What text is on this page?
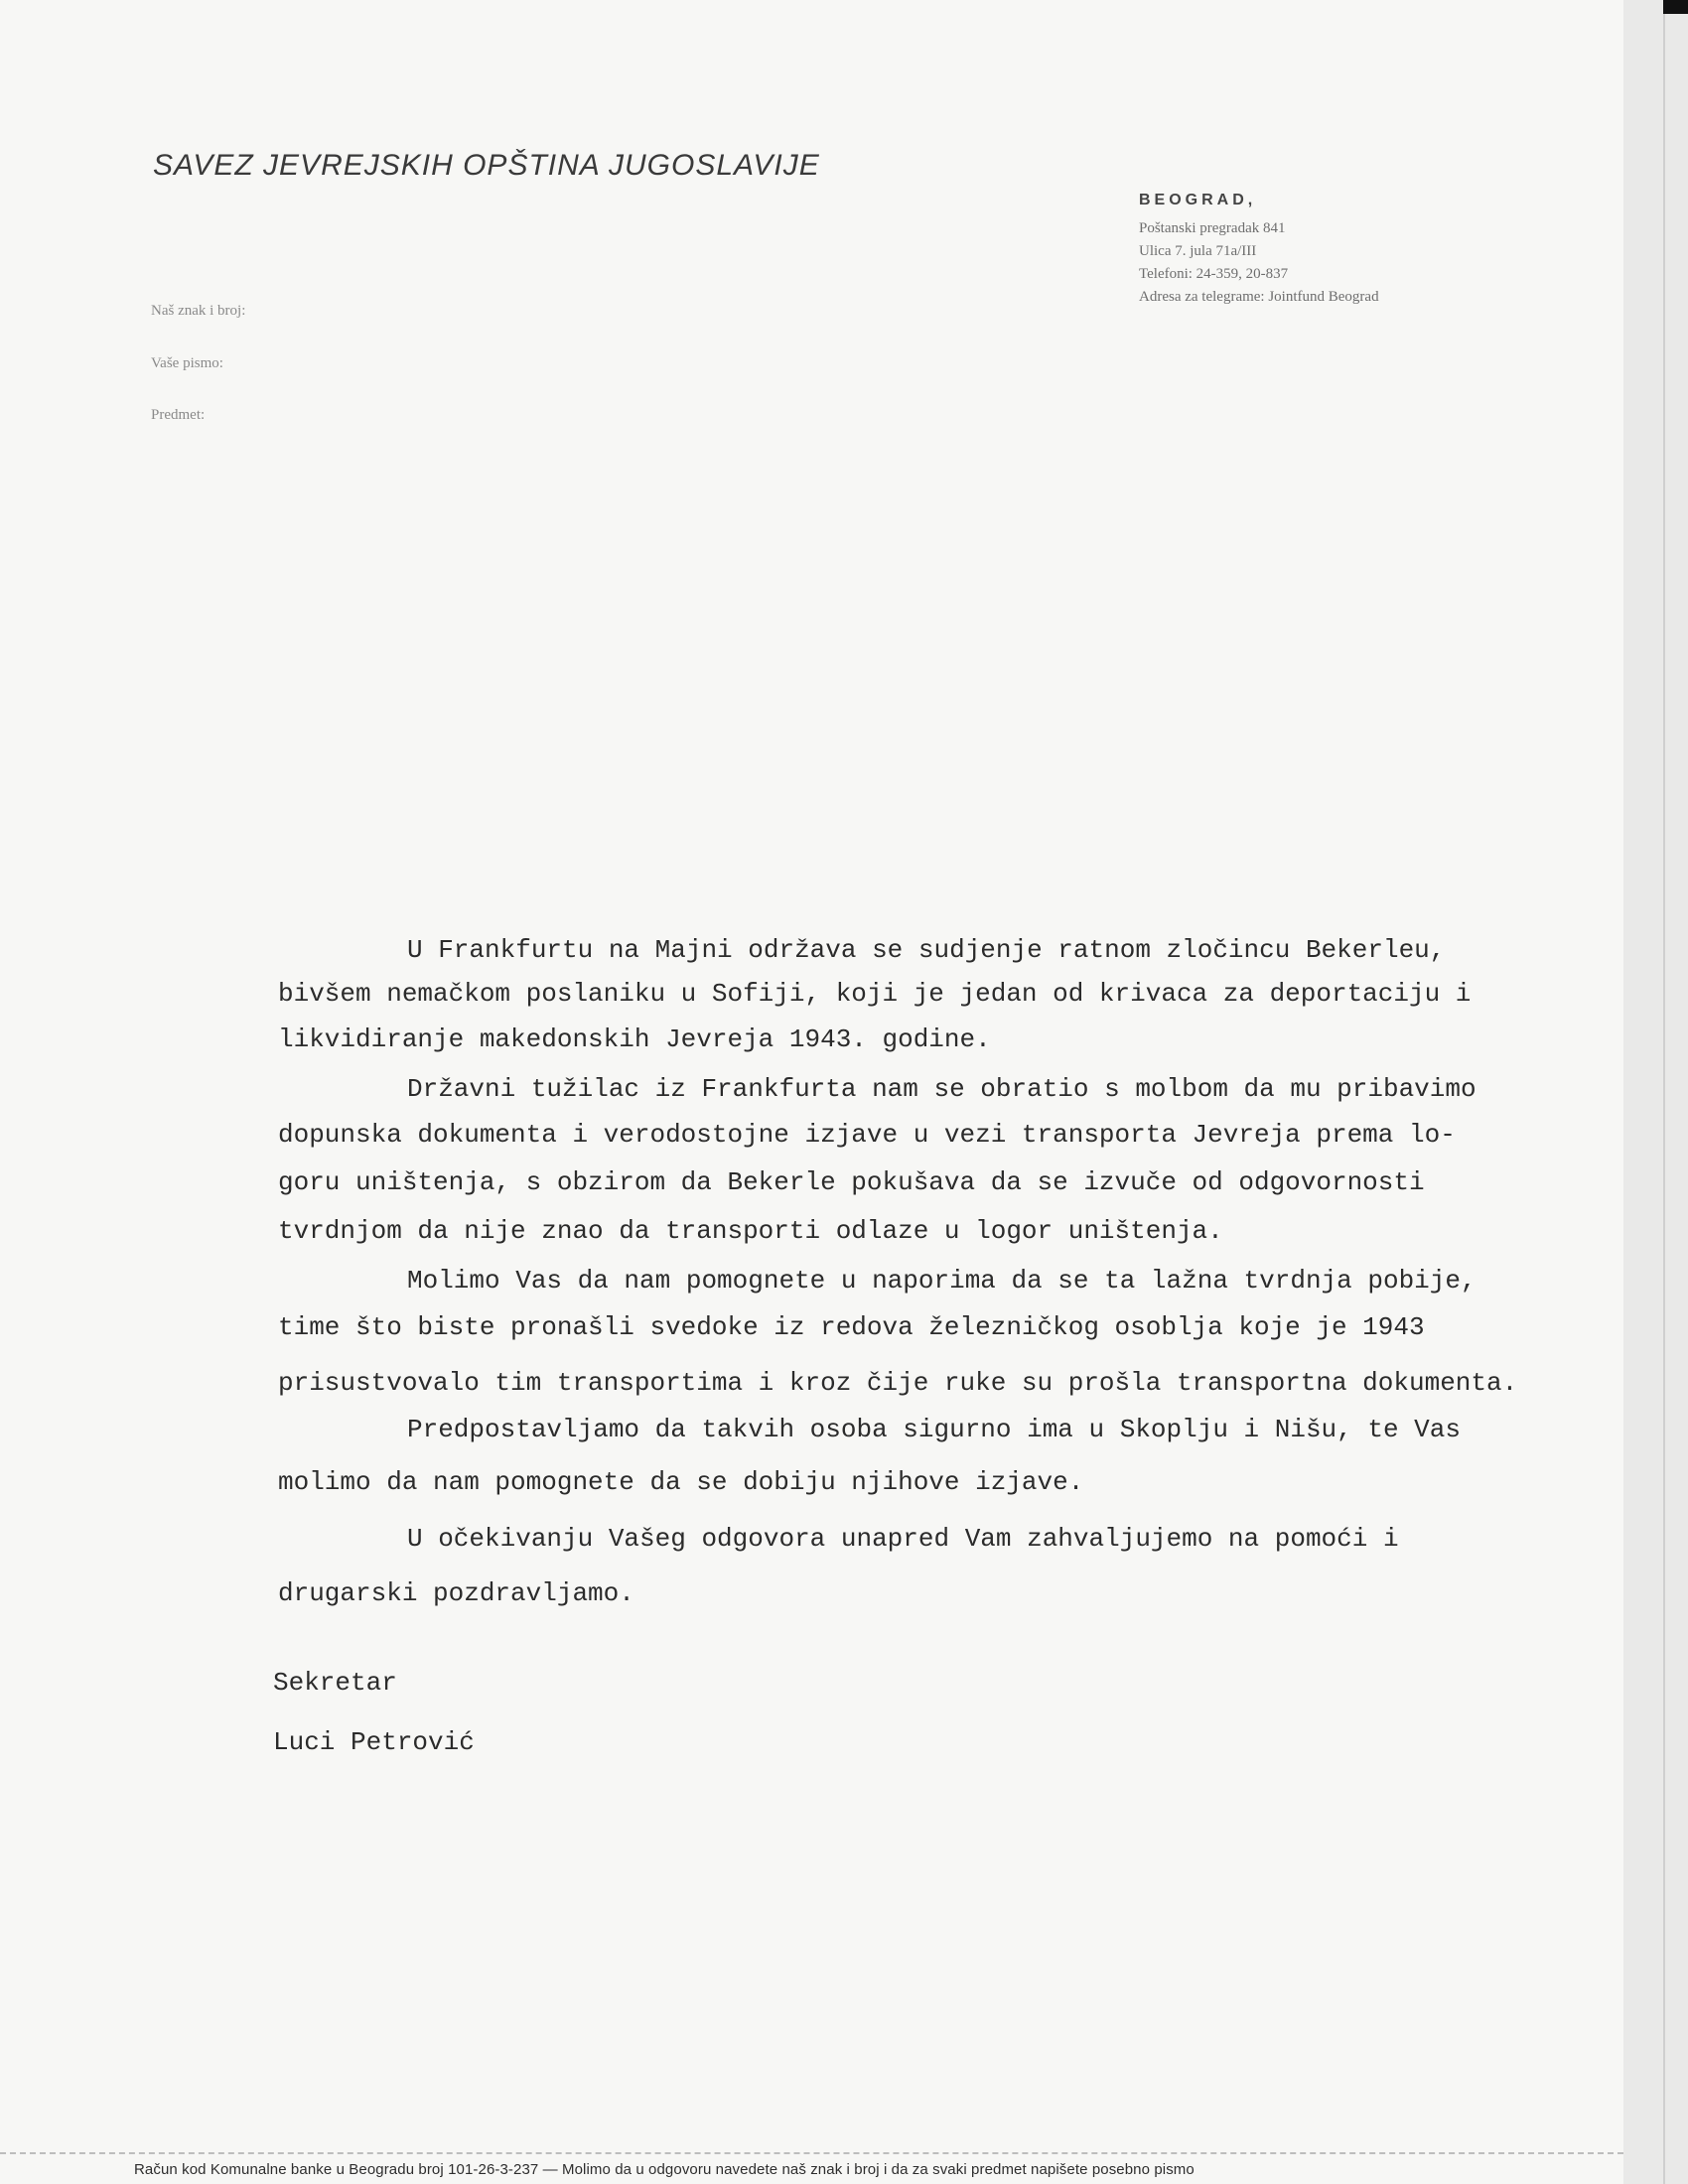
SAVEZ JEVREJSKIH OPŠTINA JUGOSLAVIJE
BEOGRAD,
Poštanski pregradak 841
Ulica 7. jula 71a/III
Telefoni: 24-359, 20-837
Adresa za telegrame: Jointfund Beograd
Naš znak i broj:
Vaše pismo:
Predmet:
U Frankfurtu na Majni održava se sudjenje ratnom zločincu Bekerleu,
bivšem nemačkom poslaniku u Sofiji, koji je jedan od krivaca za deportaciju i
likvidiranje makedonskih Jevreja 1943. godine.
Državni tužilac iz Frankfurta nam se obratio s molbom da mu pribavimo
dopunska dokumenta i verodostojne izjave u vezi transporta Jevreja prema lo-
goru uništenja, s obzirom da Bekerle pokušava da se izvuče od odgovornosti
tvrdnjom da nije znao da transporti odlaze u logor uništenja.
Molimo Vas da nam pomognete u naporima da se ta lažna tvrdnja pobije,
time što biste pronašli svedoke iz redova železničkog osoblja koje je 1943
prisustvovalo tim transportima i kroz čije ruke su prošla transportna dokumenta.
Predpostavljamo da takvih osoba sigurno ima u Skoplju i Nišu, te Vas
molimo da nam pomognete da se dobiju njihove izjave.
U očekivanju Vašeg odgovora unapred Vam zahvaljujemo na pomoći i
drugarski pozdravljamo.
Sekretar
Luci Petrović
Račun kod Komunalne banke u Beogradu broj 101-26-3-237 — Molimo da u odgovoru navedete naš znak i broj i da za svaki predmet napišete posebno pismo
